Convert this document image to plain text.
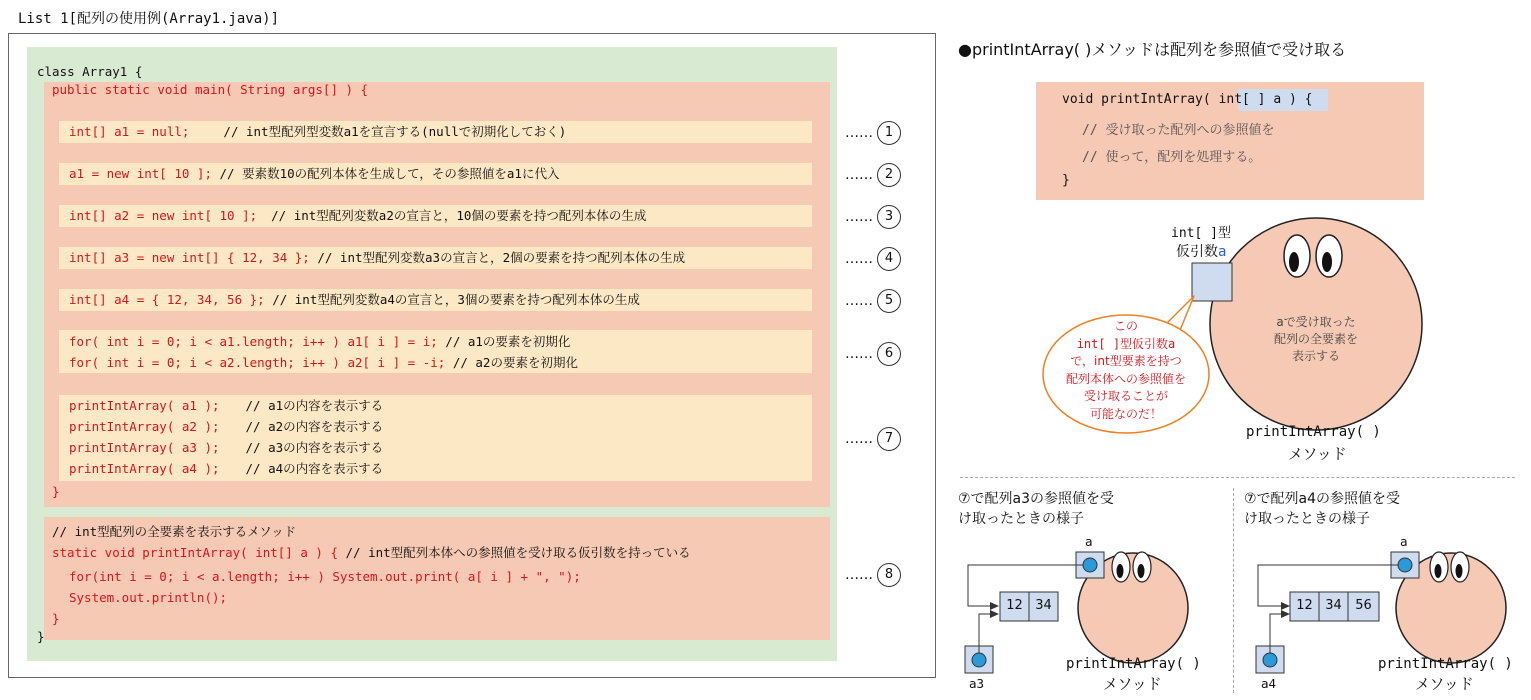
List 1[配列の使用例(Array1.java)]
class Array1 {
public static void main( String args[] ) {
int[] a1 = null;	// int型配列型変数a1を宣言する(nullで初期化しておく)
a1 = new int[ 10 ]; // 要素数10の配列本体を生成して，その参照値をa1に代入
int[] a2 = new int[ 10 ]; // int型配列変数a2の宣言と，10個の要素を持つ配列本体の生成
int[] a3 = new int[] { 12, 34 }; // int型配列変数a3の宣言と，2個の要素を持つ配列本体の生成
int[] a4 = { 12, 34, 56 }; // int型配列変数a4の宣言と，3個の要素を持つ配列本体の生成
for( int i = 0; i < a1.length; i++ ) a1[ i ] = i; // a1の要素を初期化
for( int i = 0; i < a2.length; i++ ) a2[ i ] = -i; // a2の要素を初期化
printIntArray( a1 ); // a1の内容を表示する
printIntArray( a2 ); // a2の内容を表示する
printIntArray( a3 ); // a3の内容を表示する
printIntArray( a4 ); // a4の内容を表示する
}
// int型配列の全要素を表示するメソッド
static void printIntArray( int[] a ) { // int型配列本体への参照値を受け取る仮引数を持っている
for(int i = 0; i < a.length; i++ ) System.out.print( a[ i ] + ", ");
System.out.println();
}
}
…… 1
…… 2
…… 3
…… 4
…… 5
…… 6
…… 7
…… 8
●printIntArray( )メソッドは配列を参照値で受け取る
void printIntArray( int[ ] a ) {
// 受け取った配列への参照値を
// 使って，配列を処理する。
}
int[ ]型
仮引数a
aで受け取った
配列の全要素を
表示する
この
int[ ]型仮引数a
で，int型要素を持つ
配列本体への参照値を
受け取ることが
可能なのだ！
printIntArray( )
メソッド
⑦で配列a3の参照値を受
け取ったときの様子
a
12 34
a3
printIntArray( )
メソッド
⑦で配列a4の参照値を受
け取ったときの様子
a
12 34	56
a4
printIntArray( )
メソッド
